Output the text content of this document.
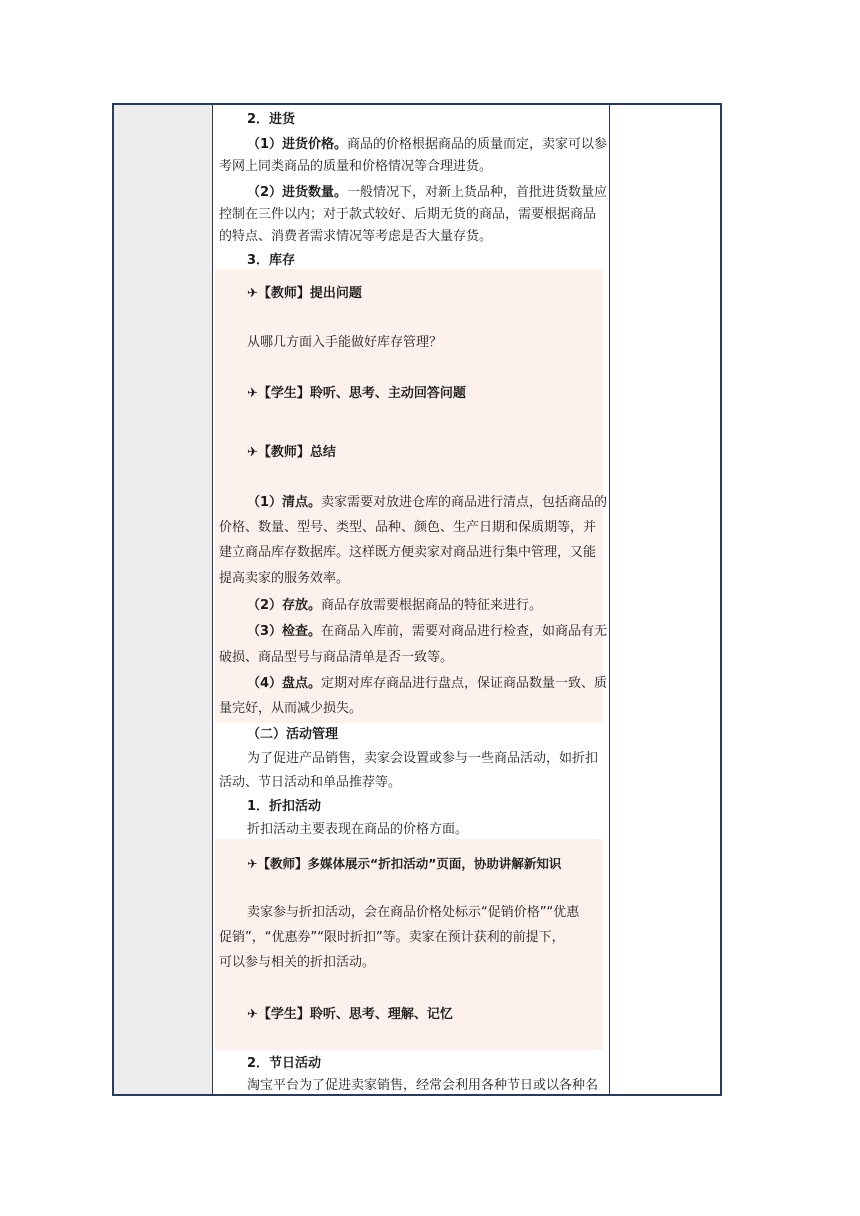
2．进货
（1）进货价格。商品的价格根据商品的质量而定，卖家可以参
考网上同类商品的质量和价格情况等合理进货。
（2）进货数量。一般情况下，对新上货品种，首批进货数量应
控制在三件以内；对于款式较好、后期无货的商品，需要根据商品
的特点、消费者需求情况等考虑是否大量存货。
3．库存
✈【教师】提出问题
从哪几方面入手能做好库存管理？
✈【学生】聆听、思考、主动回答问题
✈【教师】总结
（1）清点。卖家需要对放进仓库的商品进行清点，包括商品的
价格、数量、型号、类型、品种、颜色、生产日期和保质期等，并
建立商品库存数据库。这样既方便卖家对商品进行集中管理，又能
提高卖家的服务效率。
（2）存放。商品存放需要根据商品的特征来进行。
（3）检查。在商品入库前，需要对商品进行检查，如商品有无
破损、商品型号与商品清单是否一致等。
（4）盘点。定期对库存商品进行盘点，保证商品数量一致、质
量完好，从而减少损失。
（二）活动管理
为了促进产品销售，卖家会设置或参与一些商品活动，如折扣
活动、节日活动和单品推荐等。
1．折扣活动
折扣活动主要表现在商品的价格方面。
✈【教师】多媒体展示“折扣活动”页面，协助讲解新知识
卖家参与折扣活动，会在商品价格处标示“促销价格”“优惠
促销”，“优惠券”“限时折扣”等。卖家在预计获利的前提下，
可以参与相关的折扣活动。
✈【学生】聆听、思考、理解、记忆
2．节日活动
淘宝平台为了促进卖家销售，经常会利用各种节日或以各种名
